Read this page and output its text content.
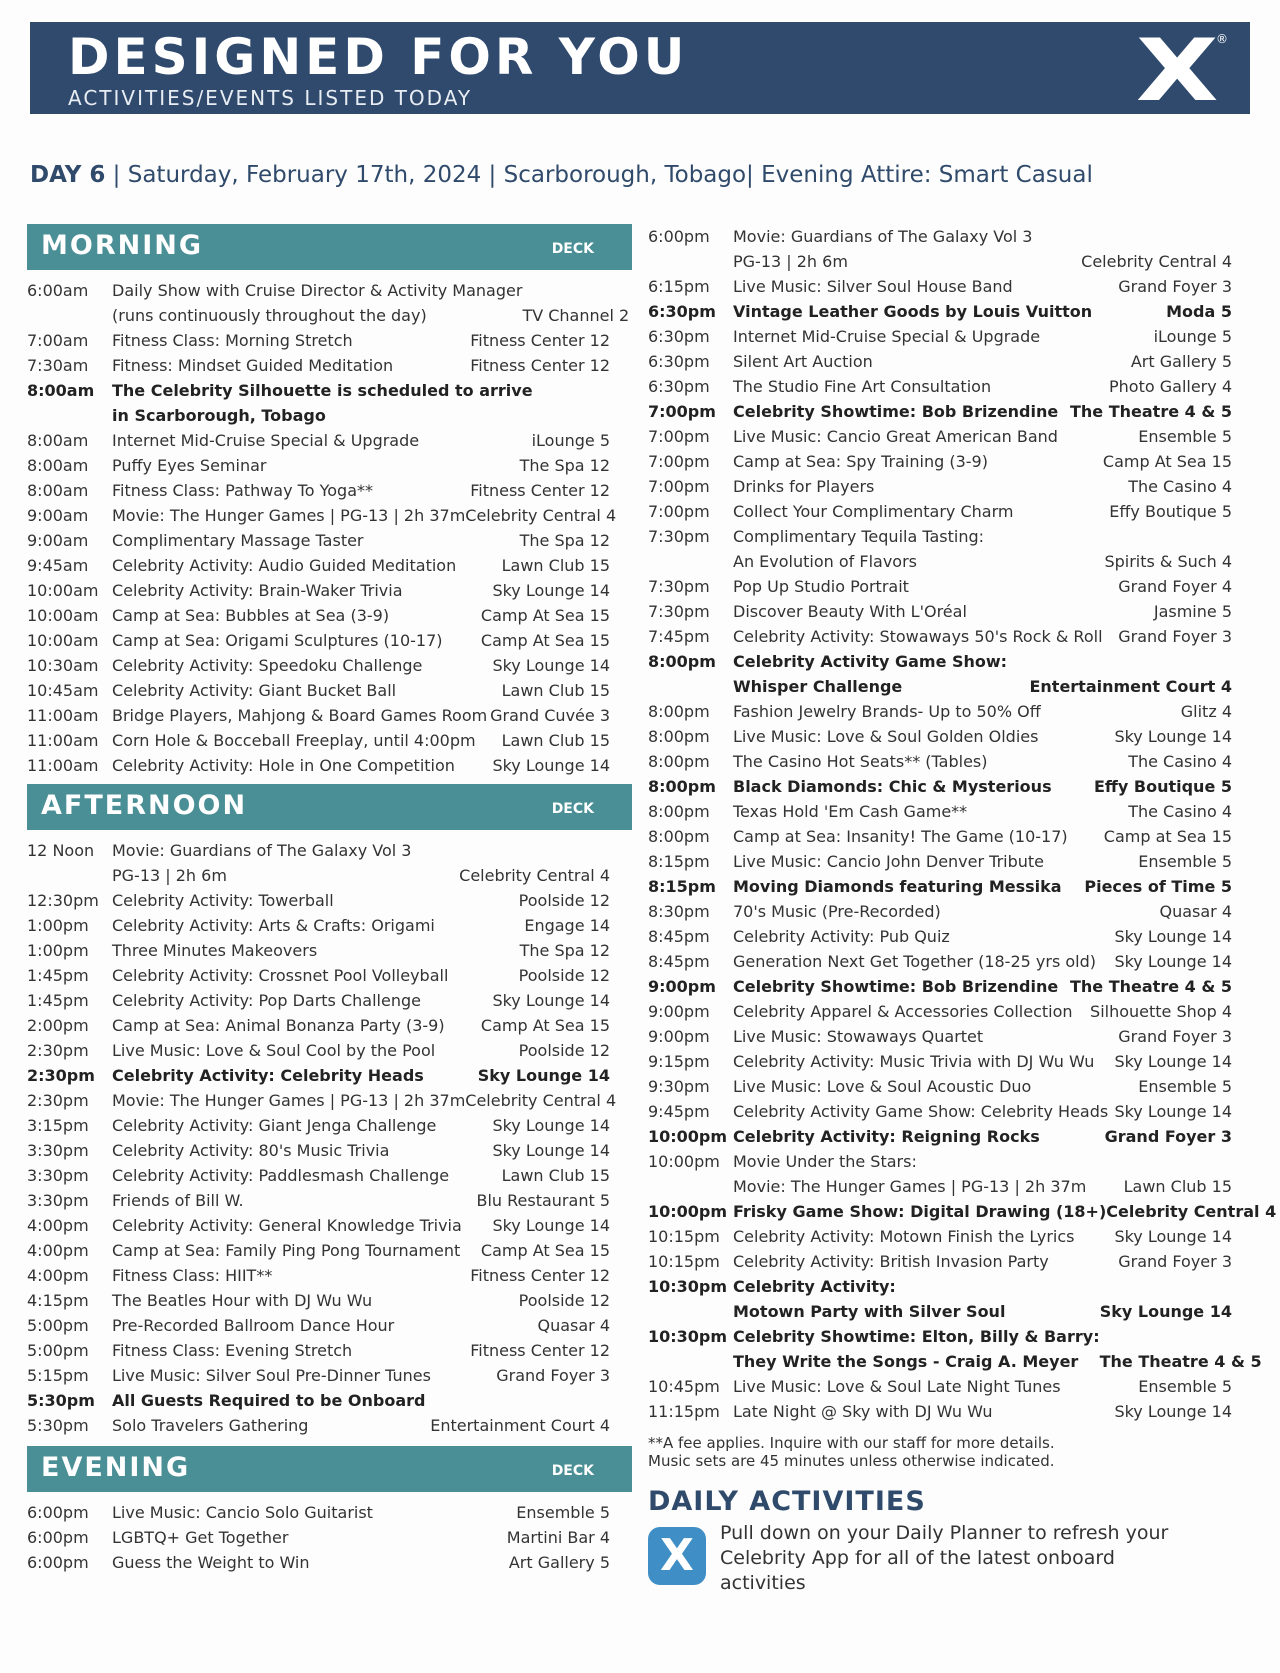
DESIGNED FOR YOU
ACTIVITIES/EVENTS LISTED TODAY	X
®
DAY 6 | Saturday, February 17th, 2024 | Scarborough, Tobago| Evening Attire: Smart Casual
MORNING	DECK
6:00am	Daily Show with Cruise Director & Activity Manager
(runs continuously throughout the day)	TV Channel 2
7:00am	Fitness Class: Morning Stretch	Fitness Center 12
7:30am	Fitness: Mindset Guided Meditation	Fitness Center 12
8:00am	The Celebrity Silhouette is scheduled to arrive
in Scarborough, Tobago
8:00am	Internet Mid-Cruise Special & Upgrade	iLounge 5
8:00am	Puffy Eyes Seminar	The Spa 12
8:00am	Fitness Class: Pathway To Yoga**	Fitness Center 12
9:00am	Movie: The Hunger Games | PG-13 | 2h 37m Celebrity Central 4
9:00am	Complimentary Massage Taster	The Spa 12
9:45am	Celebrity Activity: Audio Guided Meditation	Lawn Club 15
10:00am Celebrity Activity: Brain-Waker Trivia	Sky Lounge 14
10:00am Camp at Sea: Bubbles at Sea (3-9)	Camp At Sea 15
10:00am Camp at Sea: Origami Sculptures (10-17)	Camp At Sea 15
10:30am Celebrity Activity: Speedoku Challenge	Sky Lounge 14
10:45am Celebrity Activity: Giant Bucket Ball	Lawn Club 15
11:00am Bridge Players, Mahjong & Board Games Room Grand Cuvée 3
11:00am Corn Hole & Bocceball Freeplay, until 4:00pm	Lawn Club 15
11:00am Celebrity Activity: Hole in One Competition	Sky Lounge 14
AFTERNOON	DECK
12 Noon	Movie: Guardians of The Galaxy Vol 3
PG-13 | 2h 6m	Celebrity Central 4
12:30pm Celebrity Activity: Towerball	Poolside 12
1:00pm	Celebrity Activity: Arts & Crafts: Origami	Engage 14
1:00pm	Three Minutes Makeovers	The Spa 12
1:45pm	Celebrity Activity: Crossnet Pool Volleyball	Poolside 12
1:45pm	Celebrity Activity: Pop Darts Challenge	Sky Lounge 14
2:00pm	Camp at Sea: Animal Bonanza Party (3-9)	Camp At Sea 15
2:30pm	Live Music: Love & Soul Cool by the Pool	Poolside 12
2:30pm	Celebrity Activity: Celebrity Heads	Sky Lounge 14
2:30pm	Movie: The Hunger Games | PG-13 | 2h 37m Celebrity Central 4
3:15pm	Celebrity Activity: Giant Jenga Challenge	Sky Lounge 14
3:30pm	Celebrity Activity: 80's Music Trivia	Sky Lounge 14
3:30pm	Celebrity Activity: Paddlesmash Challenge	Lawn Club 15
3:30pm	Friends of Bill W.	Blu Restaurant 5
4:00pm	Celebrity Activity: General Knowledge Trivia	Sky Lounge 14
4:00pm	Camp at Sea: Family Ping Pong Tournament	Camp At Sea 15
4:00pm	Fitness Class: HIIT**	Fitness Center 12
4:15pm	The Beatles Hour with DJ Wu Wu	Poolside 12
5:00pm	Pre-Recorded Ballroom Dance Hour	Quasar 4
5:00pm	Fitness Class: Evening Stretch	Fitness Center 12
5:15pm	Live Music: Silver Soul Pre-Dinner Tunes	Grand Foyer 3
5:30pm	All Guests Required to be Onboard
5:30pm	Solo Travelers Gathering	Entertainment Court 4
EVENING	DECK
6:00pm	Live Music: Cancio Solo Guitarist	Ensemble 5
6:00pm	LGBTQ+ Get Together	Martini Bar 4
6:00pm	Guess the Weight to Win	Art Gallery 5
6:00pm	Movie: Guardians of The Galaxy Vol 3
PG-13 | 2h 6m	Celebrity Central 4
6:15pm	Live Music: Silver Soul House Band	Grand Foyer 3
6:30pm	Vintage Leather Goods by Louis Vuitton	Moda 5
6:30pm	Internet Mid-Cruise Special & Upgrade	iLounge 5
6:30pm	Silent Art Auction	Art Gallery 5
6:30pm	The Studio Fine Art Consultation	Photo Gallery 4
7:00pm	Celebrity Showtime: Bob Brizendine The Theatre 4 & 5
7:00pm	Live Music: Cancio Great American Band	Ensemble 5
7:00pm	Camp at Sea: Spy Training (3-9)	Camp At Sea 15
7:00pm	Drinks for Players	The Casino 4
7:00pm	Collect Your Complimentary Charm	Effy Boutique 5
7:30pm	Complimentary Tequila Tasting:
An Evolution of Flavors	Spirits & Such 4
7:30pm	Pop Up Studio Portrait	Grand Foyer 4
7:30pm	Discover Beauty With L'Oréal	Jasmine 5
7:45pm	Celebrity Activity: Stowaways 50's Rock & Roll Grand Foyer 3
8:00pm	Celebrity Activity Game Show:
Whisper Challenge	Entertainment Court 4
8:00pm	Fashion Jewelry Brands- Up to 50% Off	Glitz 4
8:00pm	Live Music: Love & Soul Golden Oldies	Sky Lounge 14
8:00pm	The Casino Hot Seats** (Tables)	The Casino 4
8:00pm	Black Diamonds: Chic & Mysterious	Effy Boutique 5
8:00pm	Texas Hold 'Em Cash Game**	The Casino 4
8:00pm	Camp at Sea: Insanity! The Game (10-17)	Camp at Sea 15
8:15pm	Live Music: Cancio John Denver Tribute	Ensemble 5
8:15pm	Moving Diamonds featuring Messika	Pieces of Time 5
8:30pm	70's Music (Pre-Recorded)	Quasar 4
8:45pm	Celebrity Activity: Pub Quiz	Sky Lounge 14
8:45pm	Generation Next Get Together (18-25 yrs old)	Sky Lounge 14
9:00pm	Celebrity Showtime: Bob Brizendine The Theatre 4 & 5
9:00pm	Celebrity Apparel & Accessories Collection	Silhouette Shop 4
9:00pm	Live Music: Stowaways Quartet	Grand Foyer 3
9:15pm	Celebrity Activity: Music Trivia with DJ Wu Wu	Sky Lounge 14
9:30pm	Live Music: Love & Soul Acoustic Duo	Ensemble 5
9:45pm	Celebrity Activity Game Show: Celebrity Heads Sky Lounge 14
10:00pm Celebrity Activity: Reigning Rocks	Grand Foyer 3
10:00pm Movie Under the Stars:
Movie: The Hunger Games | PG-13 | 2h 37m	Lawn Club 15
10:00pm Frisky Game Show: Digital Drawing (18+) Celebrity Central 4
10:15pm Celebrity Activity: Motown Finish the Lyrics	Sky Lounge 14
10:15pm Celebrity Activity: British Invasion Party	Grand Foyer 3
10:30pm Celebrity Activity:
Motown Party with Silver Soul	Sky Lounge 14
10:30pm Celebrity Showtime: Elton, Billy & Barry:
They Write the Songs - Craig A. Meyer	The Theatre 4 & 5
10:45pm Live Music: Love & Soul Late Night Tunes	Ensemble 5
11:15pm Late Night @ Sky with DJ Wu Wu	Sky Lounge 14
**A fee applies. Inquire with our staff for more details.
Music sets are 45 minutes unless otherwise indicated.
DAILY ACTIVITIES
X	Pull down on your Daily Planner to refresh your Celebrity App for all of the latest onboard activities
